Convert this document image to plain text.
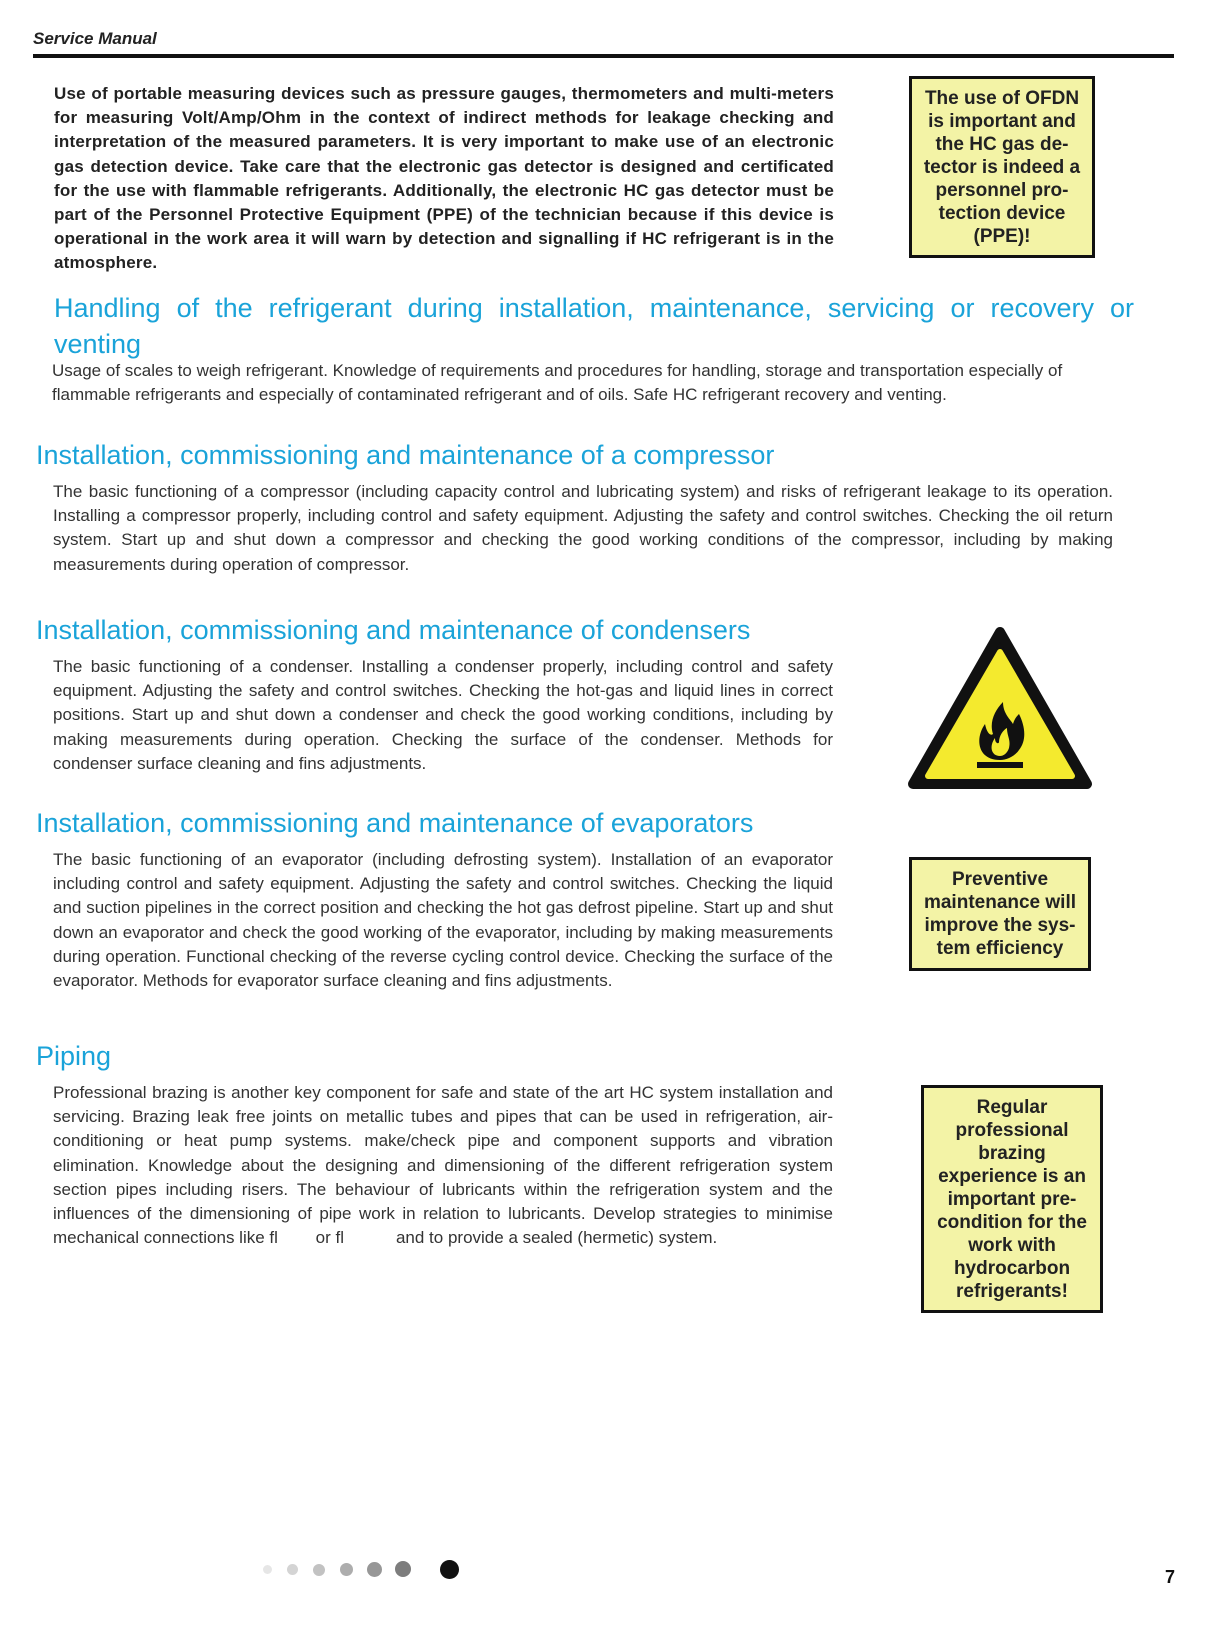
Service Manual

Use of portable measuring devices such as pressure gauges, thermometers and multi-meters for measuring Volt/Amp/Ohm in the context of indirect methods for leakage checking and interpretation of the measured parameters. It is very important to make use of an electronic gas detection device. Take care that the electronic gas detector is designed and certificated for the use with flammable refrigerants. Additionally, the electronic HC gas detector must be part of the Personnel Protective Equipment (PPE) of the technician because if this device is operational in the work area it will warn by detection and signalling if HC refrigerant is in the atmosphere.

The use of OFDN is important and the HC gas de-tector is indeed a personnel pro-tection device (PPE)!
Handling of the refrigerant during installation, maintenance, servicing or recovery or venting

Usage of scales to weigh refrigerant. Knowledge of requirements and procedures for handling, storage and transportation especially of flammable refrigerants and especially of contaminated refrigerant and of oils. Safe HC refrigerant recovery and venting.

Installation, commissioning and maintenance of a compressor

The basic functioning of a compressor (including capacity control and lubricating system) and risks of refrigerant leakage to its operation. Installing a compressor properly, including control and safety equipment. Adjusting the safety and control switches. Checking the oil return system. Start up and shut down a compressor and checking the good working conditions of the compressor, including by making measurements during operation of compressor.

Installation, commissioning and maintenance of condensers

The basic functioning of a condenser. Installing a condenser properly, including control and safety equipment. Adjusting the safety and control switches. Checking the hot-gas and liquid lines in correct positions. Start up and shut down a condenser and check the good working conditions, including by making measurements during operation. Checking the surface of the condenser. Methods for condenser surface cleaning and fins adjustments.

Installation, commissioning and maintenance of evaporators

The basic functioning of an evaporator (including defrosting system). Installation of an evaporator including control and safety equipment. Adjusting the safety and control switches. Checking the liquid and suction pipelines in the correct position and checking the hot gas defrost pipeline. Start up and shut down an evaporator and check the good working of the evaporator, including by making measurements during operation. Functional checking of the reverse cycling control device. Checking the surface of the evaporator. Methods for evaporator surface cleaning and fins adjustments.

Preventive maintenance will improve the sys-tem efficiency
Piping

Professional brazing is another key component for safe and state of the art HC system installation and servicing. Brazing leak free joints on metallic tubes and pipes that can be used in refrigeration, air-conditioning or heat pump systems. make/check pipe and component supports and vibration elimination. Knowledge about the designing and dimensioning of the different refrigeration system section pipes including risers. The behaviour of lubricants within the refrigeration system and the influences of the dimensioning of pipe work in relation to lubricants. Develop strategies to minimise mechanical connections like fl        or fl           and to provide a sealed (hermetic) system.

Regular professional brazing experience is an important pre-condition for the work with hydrocarbon refrigerants!
7
